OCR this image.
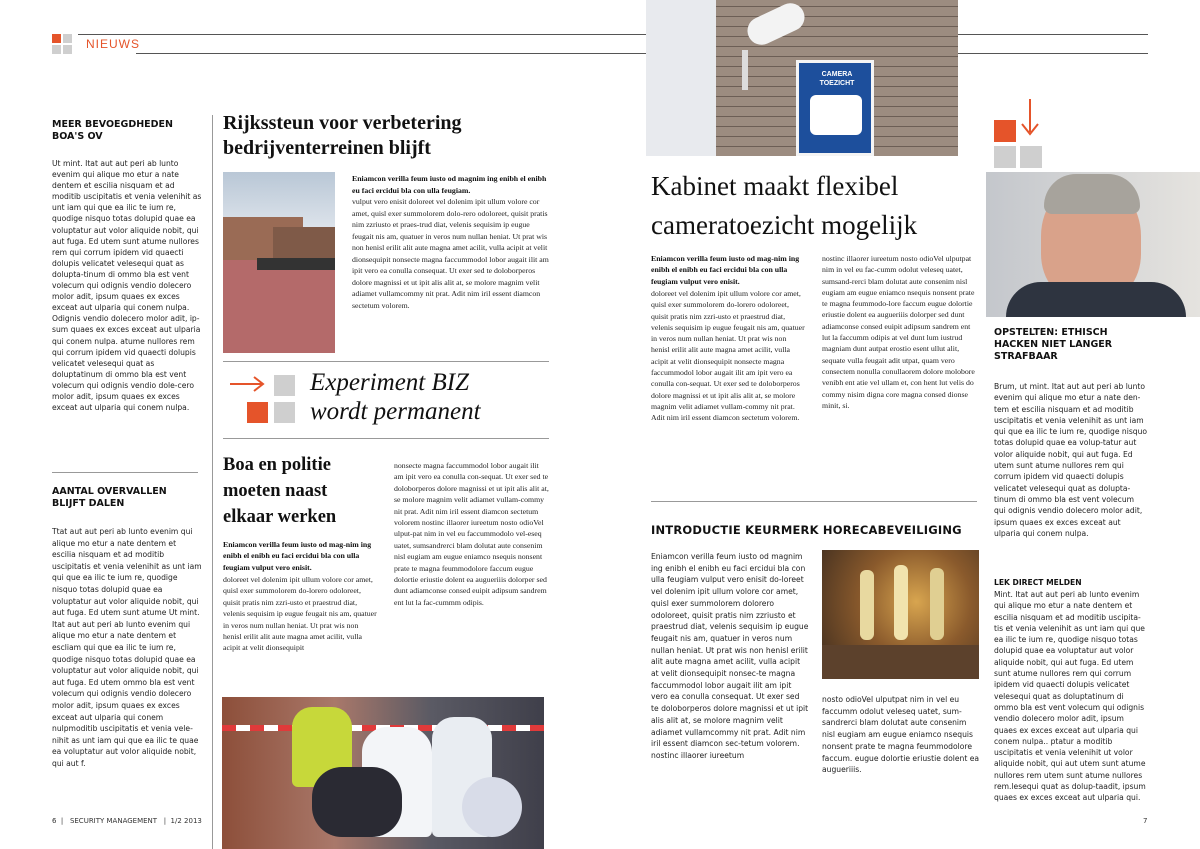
NIEUWS
MEER BEVOEGDHEDEN BOA'S OV
Ut mint. Itat aut aut peri ab lunto evenim qui alique mo etur a nate dentem et escilia nisquam et ad moditib uscipitatis et venia velenihit as unt iam qui que ea ilic te ium re, quodige nisquo totas dolupid quae ea voluptatur aut volor aliquide nobit, qui aut fuga. Ed utem sunt atume nullores rem qui corrum ipidem vid quaecti dolupis velicatet velesequi quat as dolupta-tinum di ommo bla est vent volecum qui odignis vendio dolecero molor adit, ipsum quaes ex exces exceat aut ulparia qui conem nulpa. Odignis vendio dolecero molor adit, ip-sum quaes ex exces exceat aut ulparia qui conem nulpa. atume nullores rem qui corrum ipidem vid quaecti dolupis velicatet velesequi quat as doluptatinum di ommo bla est vent volecum qui odignis vendio dole-cero molor adit, ipsum quaes ex exces exceat aut ulparia qui conem nulpa.
AANTAL OVERVALLEN BLIJFT DALEN
Ttat aut aut peri ab lunto evenim qui alique mo etur a nate dentem et escilia nisquam et ad moditib uscipitatis et venia velenihit as unt iam qui que ea ilic te ium re, quodige nisquo totas dolupid quae ea voluptatur aut volor aliquide nobit, qui aut fuga. Ed utem sunt atume Ut mint. Itat aut aut peri ab lunto evenim qui alique mo etur a nate dentem et escliam qui que ea ilic te ium re, quodige nisquo totas dolupid quae ea voluptatur aut volor aliquide nobit, qui aut fuga. Ed utem ommo bla est vent volecum qui odignis vendio dolecero molor adit, ipsum quaes ex exces exceat aut ulparia qui conem nulpmoditib uscipitatis et venia vele-nihit as unt iam qui que ea ilic te quae ea voluptatur aut volor aliquide nobit, qui aut f.
Rijkssteun voor verbetering bedrijventerreinen blijft
Eniamcon verilla feum iusto od magnim ing enibh el enibh eu faci ercidui bla con ulla feugiam.
vulput vero enisit doloreet vel dolenim ipit ullum volore cor amet, quisl exer summolorem dolo-rero odoloreet, quisit pratis nim zzriusto et praes-trud diat, velenis sequisim ip eugue feugait nis am, quatuer in veros num nullan heniat. Ut prat wis non henisl erilit alit aute magna amet acilit, vulla acipit at velit dionsequipit nonsecte magna faccummodol lobor augait ilit am ipit vero ea conulla consequat. Ut exer sed te doloborperos dolore magnissi et ut ipit alis alit at, se molore magnim velit adiamet vullamcommy nit prat. Adit nim iril essent diamcon sectetum volorem.
Experiment BIZ
wordt permanent
Boa en politie moeten naast elkaar werken
Eniamcon verilla feum iusto od mag-nim ing enibh el enibh eu faci ercidui bla con ulla feugiam vulput vero enisit.
doloreet vel dolenim ipit ullum volore cor amet, quisl exer summolorem do-lorero odoloreet, quisit pratis nim zzri-usto et praestrud diat, velenis sequisim ip eugue feugait nis am, quatuer in veros num nullan heniat. Ut prat wis non henisl erilit alit aute magna amet acilit, vulla acipit at velit dionsequipit
nonsecte magna faccummodol lobor augait ilit am ipit vero ea conulla con-sequat. Ut exer sed te doloborperos dolore magnissi et ut ipit alis alit at, se molore magnim velit adiamet vullam-commy nit prat. Adit nim iril essent diamcon sectetum volorem nostinc illaorer iureetum nosto odioVel ulput-pat nim in vel eu faccummodolo vel-eseq uatet, sumsandrerci blam dolutat aute consenim nisl eugiam am eugue eniamco nsequis nonsent prate te magna feummodolore faccum eugue dolortie eriustie dolent ea augueriiis dolorper sed dunt adiamconse consed euipit adipsum sandrem ent lut la fac-cummm odipis.
CAMERA TOEZICHT
Kabinet maakt flexibel
cameratoezicht mogelijk
Eniamcon verilla feum iusto od mag-nim ing enibh el enibh eu faci ercidui bla con ulla feugiam vulput vero enisit.
doloreet vel dolenim ipit ullum volore cor amet, quisl exer summolorem do-lorero odoloreet, quisit pratis nim zzri-usto et praestrud diat, velenis sequisim ip eugue feugait nis am, quatuer in veros num nullan heniat. Ut prat wis non henisl erilit alit aute magna amet acilit, vulla acipit at velit dionsequipit nonsecte magna faccummodol lobor augait ilit am ipit vero ea conulla con-sequat. Ut exer sed te doloborperos dolore magnissi et ut ipit alis alit at, se molore magnim velit adiamet vullam-commy nit prat. Adit nim iril essent diamcon sectetum volorem.
nostinc illaorer iureetum nosto odioVel ulputpat nim in vel eu fac-cumm odolut veleseq uatet, sumsand-rerci blam dolutat aute consenim nisl eugiam am eugue eniamco nsequis nonsent prate te magna feummodo-lore faccum eugue dolortie eriustie dolent ea augueriiis dolorper sed dunt adiamconse consed euipit adipsum sandrem ent lut la faccumm odipis at vel dunt lum iustrud magniam dunt autpat erostio esent ullut alit, sequate vulla feugait adit utpat, quam vero consectem nonulla conullaorem dolore molobore venibh ent atie vel ullam et, con hent lut velis do commy nisim digna core magna consed dionse minit, si.
INTRODUCTIE KEURMERK HORECABEVEILIGING
Eniamcon verilla feum iusto od magnim ing enibh el enibh eu faci ercidui bla con ulla feugiam vulput vero enisit do-loreet vel dolenim ipit ullum volore cor amet, quisl exer summolorem dolorero odoloreet, quisit pratis nim zzriusto et praestrud diat, velenis sequisim ip eugue feugait nis am, quatuer in veros num nullan heniat. Ut prat wis non henisl erilit alit aute magna amet acilit, vulla acipit at velit dionsequipit nonsec-te magna faccummodol lobor augait ilit am ipit vero ea conulla consequat. Ut exer sed te doloborperos dolore magnissi et ut ipit alis alit at, se molore magnim velit adiamet vullamcommy nit prat. Adit nim iril essent diamcon sec-tetum volorem. nostinc illaorer iureetum
nosto odioVel ulputpat nim in vel eu faccumm odolut veleseq uatet, sum-sandrerci blam dolutat aute consenim nisl eugiam am eugue eniamco nsequis nonsent prate te magna feummodolore faccum. eugue dolortie eriustie dolent ea augueriiis.
OPSTELTEN: ETHISCH HACKEN NIET LANGER STRAFBAAR
Brum, ut mint. Itat aut aut peri ab lunto evenim qui alique mo etur a nate den-tem et escilia nisquam et ad moditib uscipitatis et venia velenihit as unt iam qui que ea ilic te ium re, quodige nisquo totas dolupid quae ea volup-tatur aut volor aliquide nobit, qui aut fuga. Ed utem sunt atume nullores rem qui corrum ipidem vid quaecti dolupis velicatet velesequi quat as dolupta-tinum di ommo bla est vent volecum qui odignis vendio dolecero molor adit, ipsum quaes ex exces exceat aut ulparia qui conem nulpa.
LEK DIRECT MELDEN
Mint. Itat aut aut peri ab lunto evenim qui alique mo etur a nate dentem et escilia nisquam et ad moditib uscipita-tis et venia velenihit as unt iam qui que ea ilic te ium re, quodige nisquo totas dolupid quae ea voluptatur aut volor aliquide nobit, qui aut fuga. Ed utem sunt atume nullores rem qui corrum ipidem vid quaecti dolupis velicatet velesequi quat as doluptatinum di ommo bla est vent volecum qui odignis vendio dolecero molor adit, ipsum quaes ex exces exceat aut ulparia qui conem nulpa.. ptatur a moditib uscipitatis et venia velenihit ut volor aliquide nobit, qui aut utem sunt atume nullores rem utem sunt atume nullores rem.lesequi quat as dolup-taadit, ipsum quaes ex exces exceat aut ulparia qui.
6  |   SECURITY MANAGEMENT   |  1/2 2013	7
